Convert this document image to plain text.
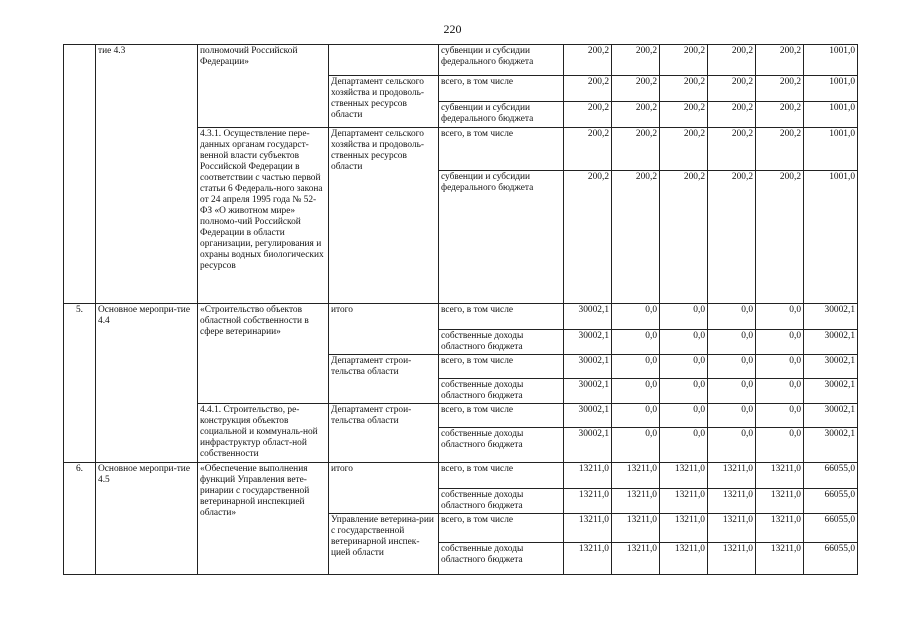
220
	тие 4.3	полномочий Российской Федерации»		субвенции и субсидии федерального бюджета	200,2	200,2	200,2	200,2	200,2	1001,0
			Департамент сельского хозяйства и продоволь-ственных ресурсов области	всего, в том числе	200,2	200,2	200,2	200,2	200,2	1001,0
				субвенции и субсидии федерального бюджета	200,2	200,2	200,2	200,2	200,2	1001,0
		4.3.1. Осуществление пере-данных органам государст-венной власти субъектов Российской Федерации в соответствии с частью первой статьи 6 Федераль-ного закона от 24 апреля 1995 года № 52-ФЗ «О животном мире» полномо-чий Российской Федерации в области организации, регулирования и охраны водных биологических ресурсов	Департамент сельского хозяйства и продоволь-ственных ресурсов области	всего, в том числе	200,2	200,2	200,2	200,2	200,2	1001,0
				субвенции и субсидии федерального бюджета	200,2	200,2	200,2	200,2	200,2	1001,0
5.	Основное меропри-тие 4.4	«Строительство объектов областной собственности в сфере ветеринарии»	итого	всего, в том числе	30002,1	0,0	0,0	0,0	0,0	30002,1
				собственные доходы областного бюджета	30002,1	0,0	0,0	0,0	0,0	30002,1
			Департамент строи-тельства области	всего, в том числе	30002,1	0,0	0,0	0,0	0,0	30002,1
				собственные доходы областного бюджета	30002,1	0,0	0,0	0,0	0,0	30002,1
		4.4.1. Строительство, ре-конструкция объектов социальной и коммуналь-ной инфраструктур област-ной собственности	Департамент строи-тельства области	всего, в том числе	30002,1	0,0	0,0	0,0	0,0	30002,1
				собственные доходы областного бюджета	30002,1	0,0	0,0	0,0	0,0	30002,1
6.	Основное меропри-тие 4.5	«Обеспечение выполнения функций Управления вете-ринарии с государственной ветеринарной инспекцией области»	итого	всего, в том числе	13211,0	13211,0	13211,0	13211,0	13211,0	66055,0
				собственные доходы областного бюджета	13211,0	13211,0	13211,0	13211,0	13211,0	66055,0
			Управление ветерина-рии с государственной ветеринарной инспек-цией области	всего, в том числе	13211,0	13211,0	13211,0	13211,0	13211,0	66055,0
				собственные доходы областного бюджета	13211,0	13211,0	13211,0	13211,0	13211,0	66055,0
